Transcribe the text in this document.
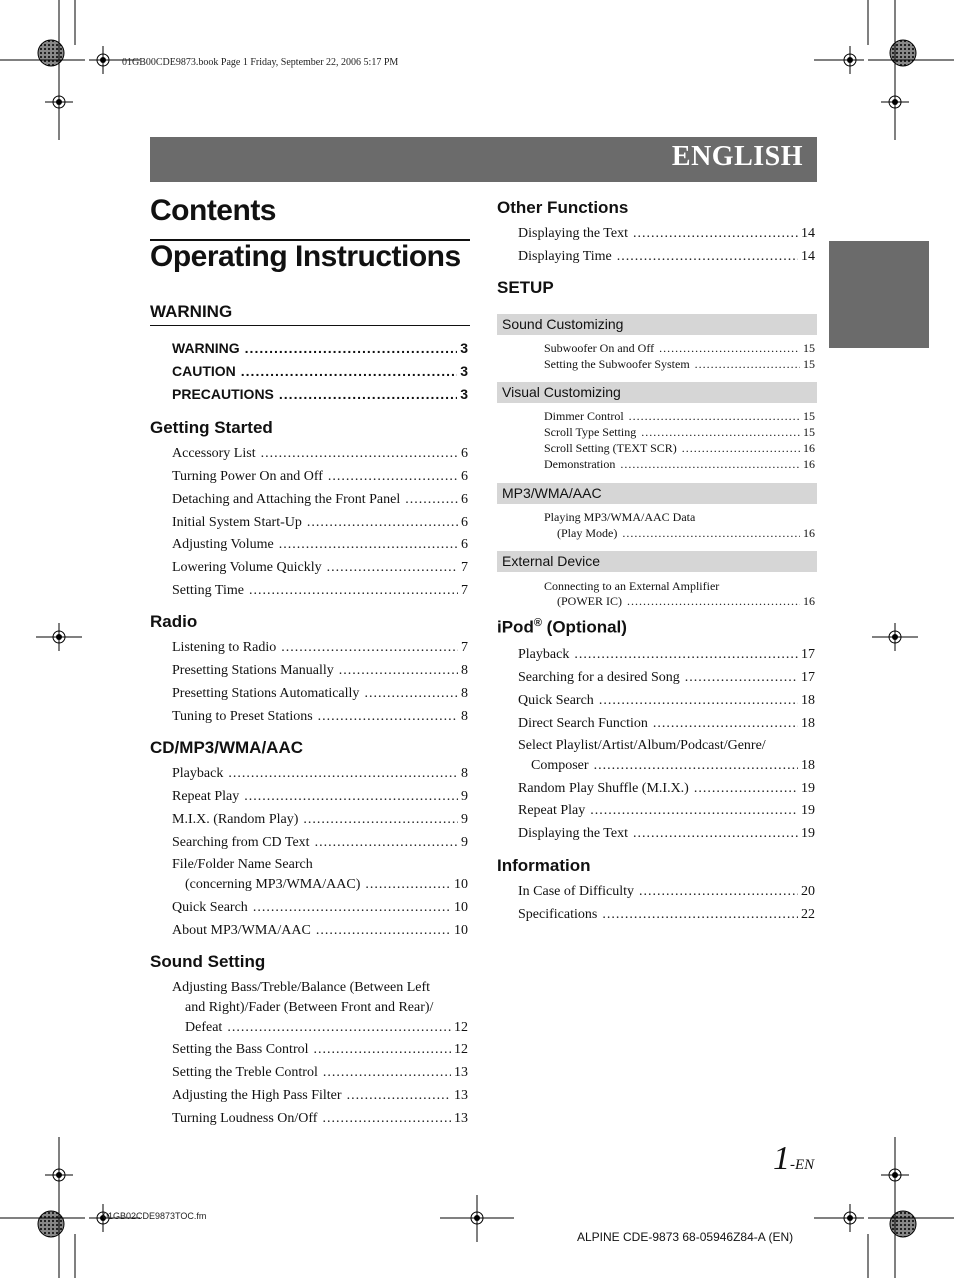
01GB00CDE9873.book Page 1 Friday, September 22, 2006 5:17 PM
01GB02CDE9873TOC.fm
ENGLISH
Contents
Operating Instructions
WARNING
WARNING .....	3
CAUTION .....	3
PRECAUTIONS .....	3
Getting Started
Accessory List .....	6
Turning Power On and Off .....	6
Detaching and Attaching the Front Panel .....	6
Initial System Start-Up .....	6
Adjusting Volume .....	6
Lowering Volume Quickly .....	7
Setting Time .....	7
Radio
Listening to Radio .....	7
Presetting Stations Manually .....	8
Presetting Stations Automatically .....	8
Tuning to Preset Stations .....	8
CD/MP3/WMA/AAC
Playback .....	8
Repeat Play .....	9
M.I.X. (Random Play) .....	9
Searching from CD Text .....	9
File/Folder Name Search
(concerning MP3/WMA/AAC) .....	10
Quick Search .....	10
About MP3/WMA/AAC .....	10
Sound Setting
Adjusting Bass/Treble/Balance (Between Left
and Right)/Fader (Between Front and Rear)/
Defeat .....	12
Setting the Bass Control .....	12
Setting the Treble Control .....	13
Adjusting the High Pass Filter .....	13
Turning Loudness On/Off .....	13
Other Functions
Displaying the Text .....	14
Displaying Time .....	14
SETUP
Sound Customizing
Subwoofer On and Off .....	15
Setting the Subwoofer System .....	15
Visual Customizing
Dimmer Control .....	15
Scroll Type Setting .....	15
Scroll Setting (TEXT SCR) .....	16
Demonstration .....	16
MP3/WMA/AAC
Playing MP3/WMA/AAC Data
(Play Mode) .....	16
External Device
Connecting to an External Amplifier
(POWER IC) .....	16
iPod® (Optional)
Playback .....	17
Searching for a desired Song .....	17
Quick Search .....	18
Direct Search Function .....	18
Select Playlist/Artist/Album/Podcast/Genre/
Composer .....	18
Random Play Shuffle (M.I.X.) .....	19
Repeat Play .....	19
Displaying the Text .....	19
Information
In Case of Difficulty .....	20
Specifications .....	22
1-EN
ALPINE CDE-9873 68-05946Z84-A (EN)
